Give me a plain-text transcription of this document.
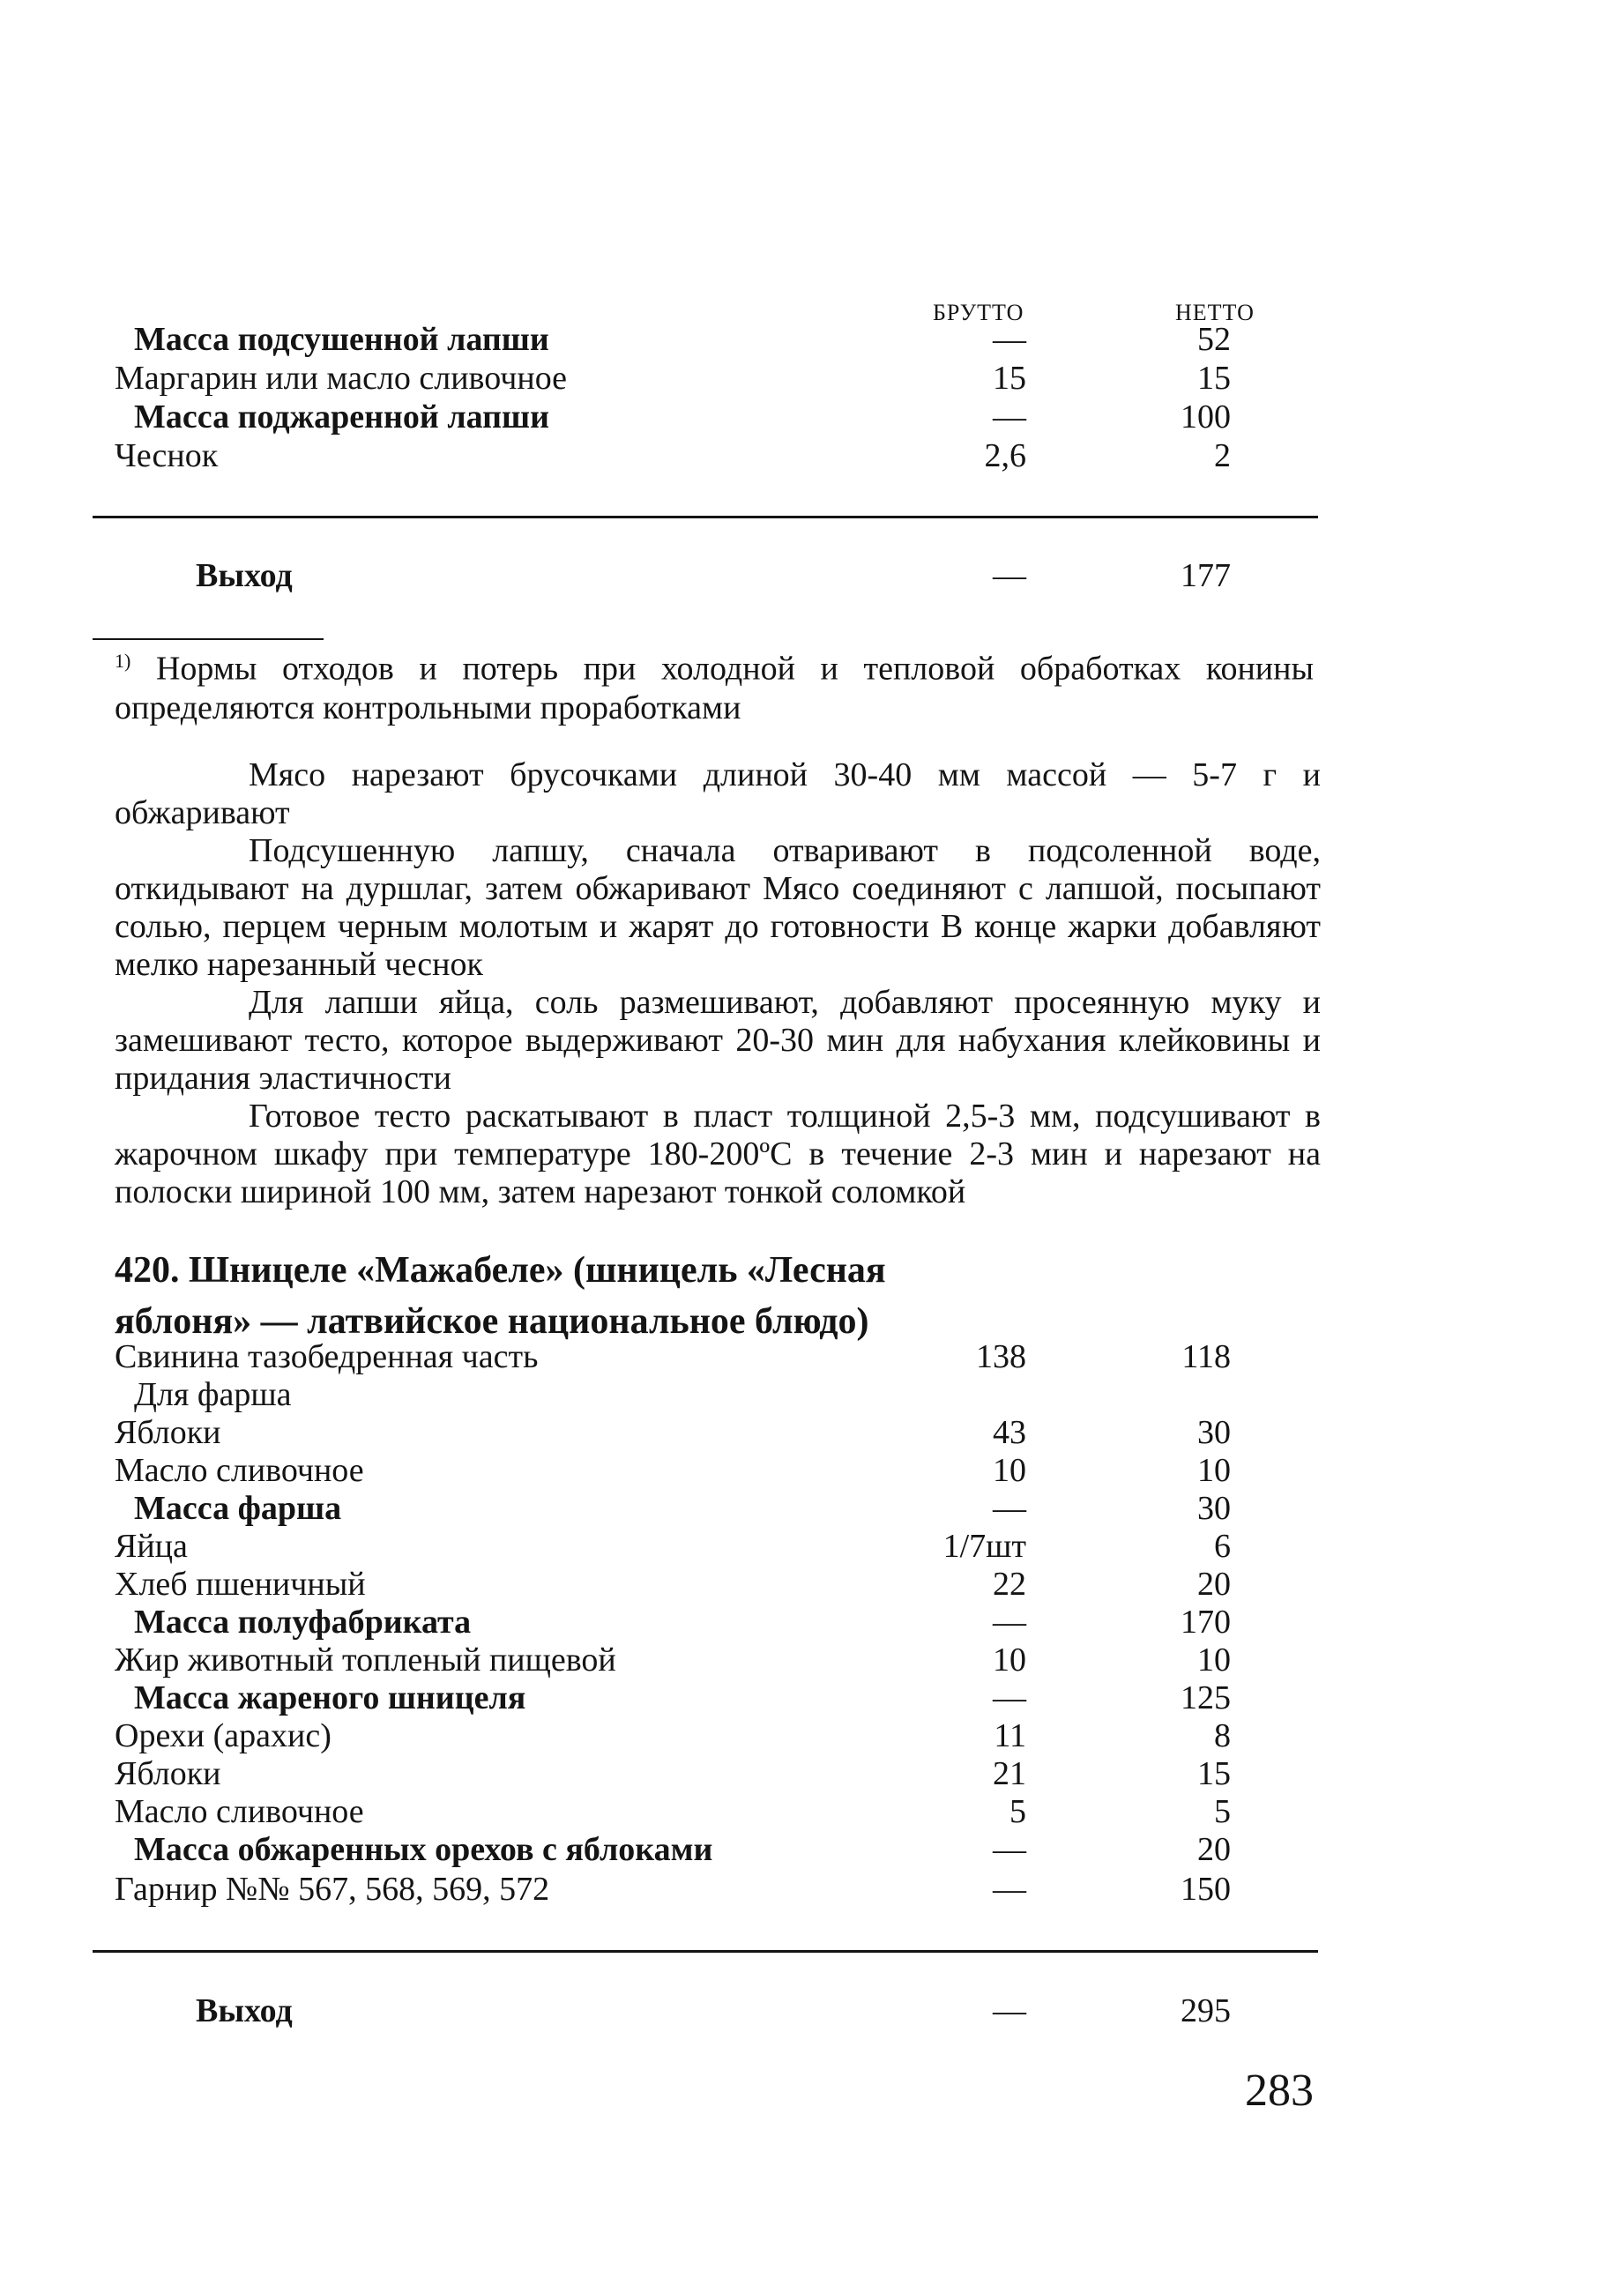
БРУТТО	НЕТТО
Масса подсушенной лапши	—	52
Маргарин или масло сливочное	15	15
Масса поджаренной лапши	—	100
Чеснок	2,6	2
Выход	—	177
$^{1)}$ Нормы отходов и потерь при холодной и тепловой обработках конины определяются контрольными проработками

Мясо нарезают брусочками длиной 30-40 мм массой — 5-7 г и обжаривают

Подсушенную лапшу, сначала отваривают в подсоленной воде, откидывают на дуршлаг, затем обжаривают Мясо соединяют с лапшой, посыпают солью, перцем черным молотым и жарят до готовности В конце жарки добавляют мелко нарезанный чеснок

Для лапши яйца, соль размешивают, добавляют просеянную муку и замешивают тесто, которое выдерживают 20-30 мин для набухания клейковины и придания эластичности

Готовое тесто раскатывают в пласт толщиной 2,5-3 мм, подсушивают в жарочном шкафу при температуре 180-200ºС в течение 2-3 мин и нарезают на полоски шириной 100 мм, затем нарезают тонкой соломкой

420. Шницеле «Мажабеле» (шницель «Лесная яблоня» — латвийское национальное блюдо)
Свинина тазобедренная часть	138	118
Для фарша
Яблоки	43	30
Масло сливочное	10	10
Масса фарша	—	30
Яйца	1/7шт	6
Хлеб пшеничный	22	20
Масса полуфабриката	—	170
Жир животный топленый пищевой	10	10
Масса жареного шницеля	—	125
Орехи (арахис)	11	8
Яблоки	21	15
Масло сливочное	5	5
Масса обжаренных орехов с яблоками	—	20
Гарнир №№ 567, 568, 569, 572	—	150
Выход	—	295
283
